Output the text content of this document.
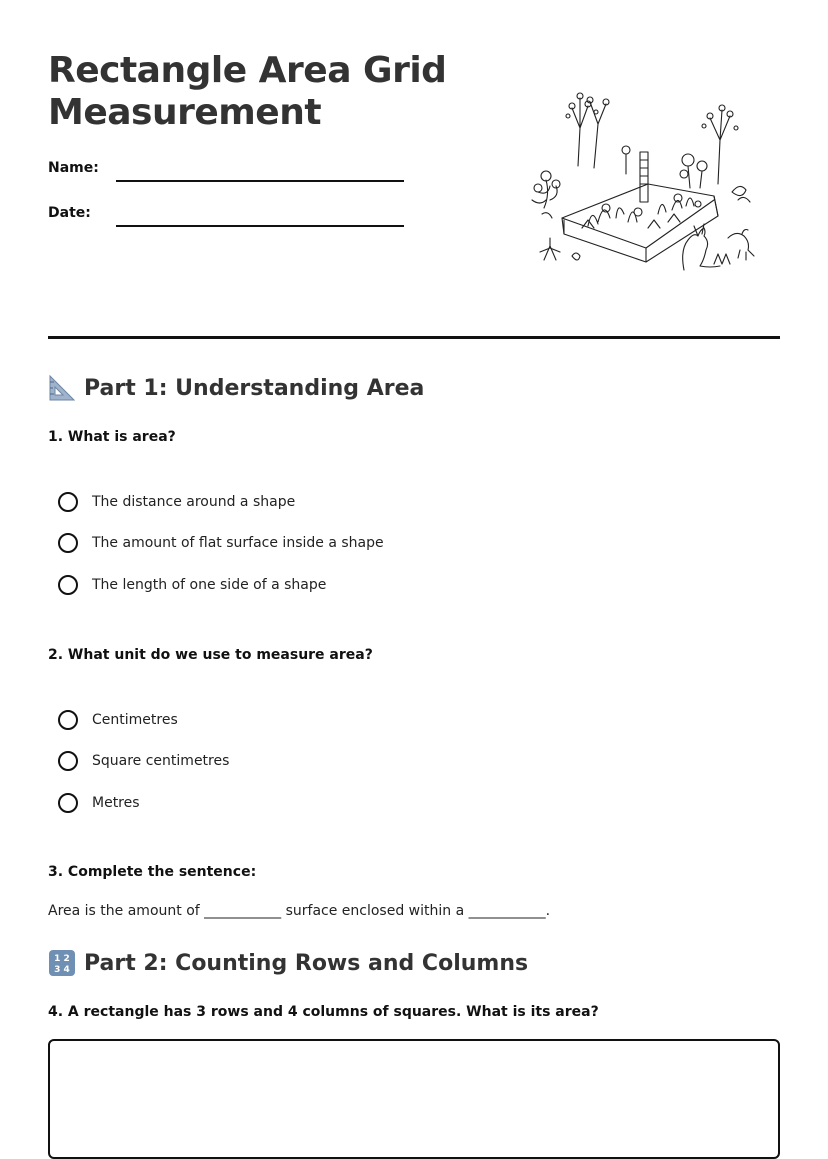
Rectangle Area Grid Measurement
Name:
Date:
Part 1: Understanding Area

1. What is area?

The distance around a shape
The amount of flat surface inside a shape
The length of one side of a shape

2. What unit do we use to measure area?

Centimetres
Square centimetres
Metres

3. Complete the sentence:

Area is the amount of ___________ surface enclosed within a ___________.
1 2
3 4 Part 2: Counting Rows and Columns

4. A rectangle has 3 rows and 4 columns of squares. What is its area?
